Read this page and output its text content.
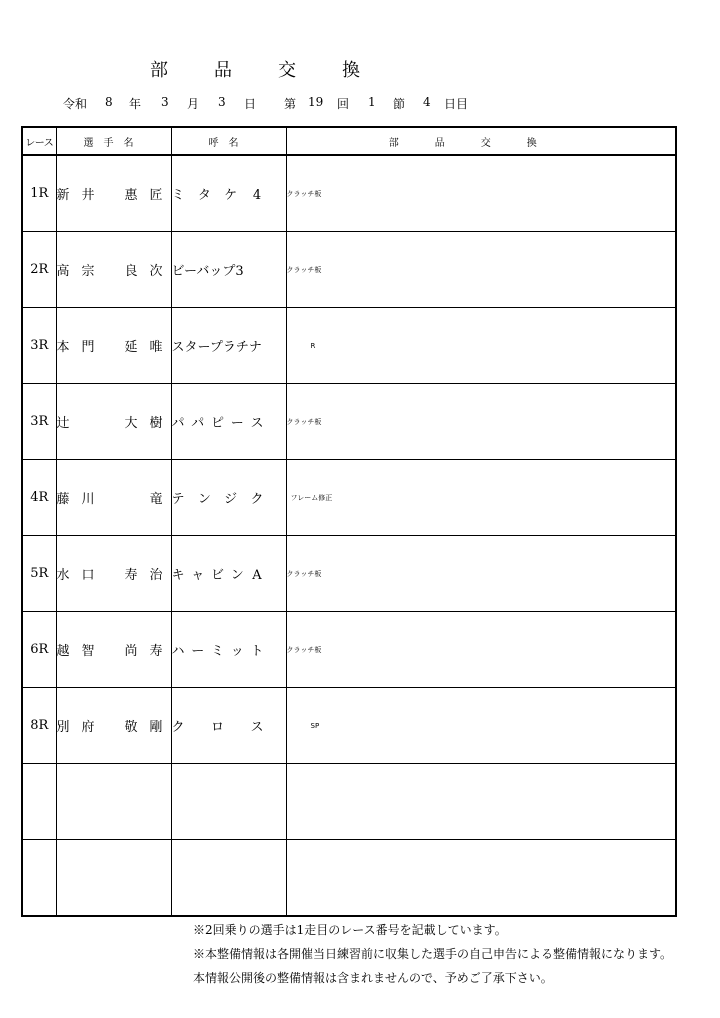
部品交換
令和 8 年 3 月 3 日 第 19 回 1 節 4 日目
レース	選手名	呼名	部品交換
1R	新 井 惠 匠	ミ タ ケ 4	クラッチ板
2R	高 宗 良 次	ビーバップ3	クラッチ板
3R	本 門 延 唯	スタープラチナ	R
3R	辻 大 樹	パ パ ピ ー ス	クラッチ板
4R	藤 川 竜	テ ン ジ ク	フレーム修正
5R	水 口 寿 治	キ ャ ビ ン A	クラッチ板
6R	越 智 尚 寿	ハ ー ミ ッ ト	クラッチ板
8R	別 府 敬 剛	ク ロ ス	SP

※2回乗りの選手は1走目のレース番号を記載しています。
※本整備情報は各開催当日練習前に収集した選手の自己申告による整備情報になります。
本情報公開後の整備情報は含まれませんので、予めご了承下さい。
